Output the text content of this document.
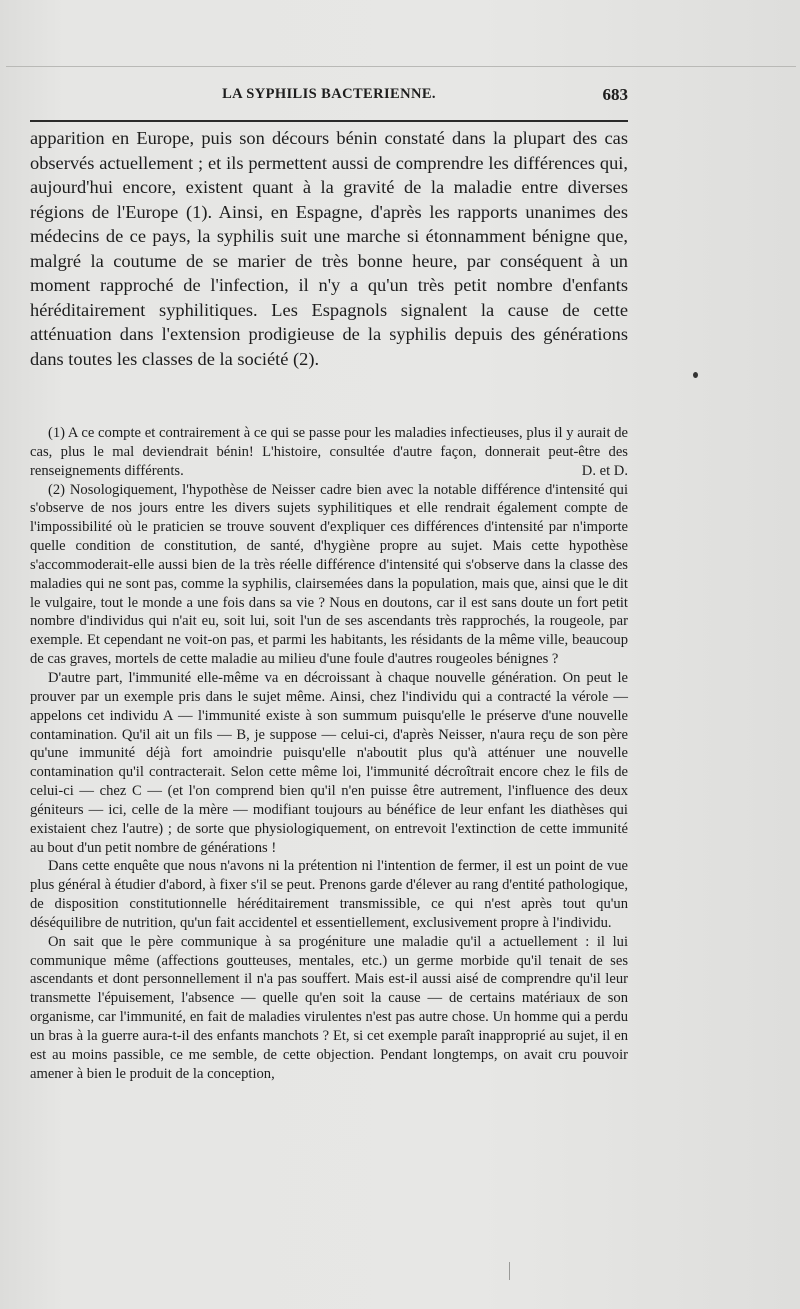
LA SYPHILIS BACTERIENNE.	683

apparition en Europe, puis son décours bénin constaté dans la plupart des cas observés actuellement ; et ils permettent aussi de comprendre les différences qui, aujourd'hui encore, existent quant à la gravité de la maladie entre diverses régions de l'Europe (1). Ainsi, en Espagne, d'après les rapports unanimes des médecins de ce pays, la syphilis suit une marche si étonnamment bénigne que, malgré la coutume de se marier de très bonne heure, par conséquent à un moment rapproché de l'infection, il n'y a qu'un très petit nombre d'enfants héréditairement syphilitiques. Les Espagnols signalent la cause de cette atténuation dans l'extension prodigieuse de la syphilis depuis des générations dans toutes les classes de la société (2).

(1) A ce compte et contrairement à ce qui se passe pour les maladies infectieuses, plus il y aurait de cas, plus le mal deviendrait bénin! L'histoire, consultée d'autre façon, donnerait peut-être des renseignements différents.	D. et D.

(2) Nosologiquement, l'hypothèse de Neisser cadre bien avec la notable différence d'intensité qui s'observe de nos jours entre les divers sujets syphilitiques et elle rendrait également compte de l'impossibilité où le praticien se trouve souvent d'expliquer ces différences d'intensité par n'importe quelle condition de constitution, de santé, d'hygiène propre au sujet. Mais cette hypothèse s'accommoderait-elle aussi bien de la très réelle différence d'intensité qui s'observe dans la classe des maladies qui ne sont pas, comme la syphilis, clairsemées dans la population, mais que, ainsi que le dit le vulgaire, tout le monde a une fois dans sa vie ? Nous en doutons, car il est sans doute un fort petit nombre d'individus qui n'ait eu, soit lui, soit l'un de ses ascendants très rapprochés, la rougeole, par exemple. Et cependant ne voit-on pas, et parmi les habitants, les résidants de la même ville, beaucoup de cas graves, mortels de cette maladie au milieu d'une foule d'autres rougeoles bénignes ?

D'autre part, l'immunité elle-même va en décroissant à chaque nouvelle génération. On peut le prouver par un exemple pris dans le sujet même. Ainsi, chez l'individu qui a contracté la vérole — appelons cet individu A — l'immunité existe à son summum puisqu'elle le préserve d'une nouvelle contamination. Qu'il ait un fils — B, je suppose — celui-ci, d'après Neisser, n'aura reçu de son père qu'une immunité déjà fort amoindrie puisqu'elle n'aboutit plus qu'à atténuer une nouvelle contamination qu'il contracterait. Selon cette même loi, l'immunité décroîtrait encore chez le fils de celui-ci — chez C — (et l'on comprend bien qu'il n'en puisse être autrement, l'influence des deux géniteurs — ici, celle de la mère — modifiant toujours au bénéfice de leur enfant les diathèses qui existaient chez l'autre) ; de sorte que physiologiquement, on entrevoit l'extinction de cette immunité au bout d'un petit nombre de générations !

Dans cette enquête que nous n'avons ni la prétention ni l'intention de fermer, il est un point de vue plus général à étudier d'abord, à fixer s'il se peut. Prenons garde d'élever au rang d'entité pathologique, de disposition constitutionnelle héréditairement transmissible, ce qui n'est après tout qu'un déséquilibre de nutrition, qu'un fait accidentel et essentiellement, exclusivement propre à l'individu.

On sait que le père communique à sa progéniture une maladie qu'il a actuellement : il lui communique même (affections goutteuses, mentales, etc.) un germe morbide qu'il tenait de ses ascendants et dont personnellement il n'a pas souffert. Mais est-il aussi aisé de comprendre qu'il leur transmette l'épuisement, l'absence — quelle qu'en soit la cause — de certains matériaux de son organisme, car l'immunité, en fait de maladies virulentes n'est pas autre chose. Un homme qui a perdu un bras à la guerre aura-t-il des enfants manchots ? Et, si cet exemple paraît inapproprié au sujet, il en est au moins passible, ce me semble, de cette objection. Pendant longtemps, on avait cru pouvoir amener à bien le produit de la conception,
